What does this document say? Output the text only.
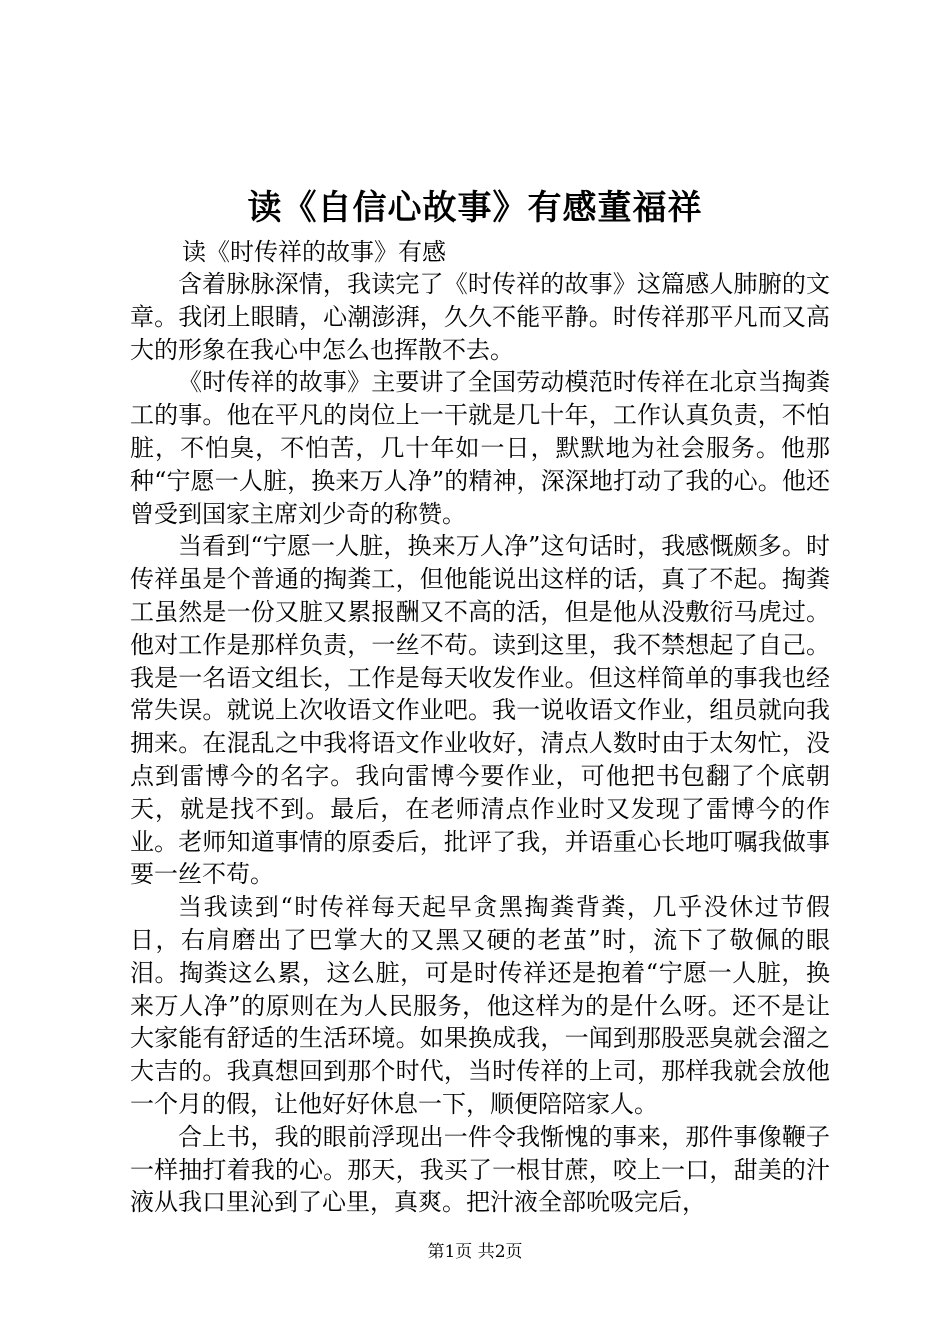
读《自信心故事》有感董福祥
读《时传祥的故事》有感

含着脉脉深情，我读完了《时传祥的故事》这篇感人肺腑的文章。我闭上眼睛，心潮澎湃，久久不能平静。时传祥那平凡而又高大的形象在我心中怎么也挥散不去。

《时传祥的故事》主要讲了全国劳动模范时传祥在北京当掏粪工的事。他在平凡的岗位上一干就是几十年，工作认真负责，不怕脏，不怕臭，不怕苦，几十年如一日，默默地为社会服务。他那种“宁愿一人脏，换来万人净”的精神，深深地打动了我的心。他还曾受到国家主席刘少奇的称赞。

当看到“宁愿一人脏，换来万人净”这句话时，我感慨颇多。时传祥虽是个普通的掏粪工，但他能说出这样的话，真了不起。掏粪工虽然是一份又脏又累报酬又不高的活，但是他从没敷衍马虎过。他对工作是那样负责，一丝不苟。读到这里，我不禁想起了自己。我是一名语文组长，工作是每天收发作业。但这样简单的事我也经常失误。就说上次收语文作业吧。我一说收语文作业，组员就向我拥来。在混乱之中我将语文作业收好，清点人数时由于太匆忙，没点到雷博今的名字。我向雷博今要作业，可他把书包翻了个底朝天，就是找不到。最后，在老师清点作业时又发现了雷博今的作业。老师知道事情的原委后，批评了我，并语重心长地叮嘱我做事要一丝不苟。

当我读到“时传祥每天起早贪黑掏粪背粪，几乎没休过节假日，右肩磨出了巴掌大的又黑又硬的老茧”时，流下了敬佩的眼泪。掏粪这么累，这么脏，可是时传祥还是抱着“宁愿一人脏，换来万人净”的原则在为人民服务，他这样为的是什么呀。还不是让大家能有舒适的生活环境。如果换成我，一闻到那股恶臭就会溜之大吉的。我真想回到那个时代，当时传祥的上司，那样我就会放他一个月的假，让他好好休息一下，顺便陪陪家人。

合上书，我的眼前浮现出一件令我惭愧的事来，那件事像鞭子一样抽打着我的心。那天，我买了一根甘蔗，咬上一口，甜美的汁液从我口里沁到了心里，真爽。把汁液全部吮吸完后，

第1页 共2页
